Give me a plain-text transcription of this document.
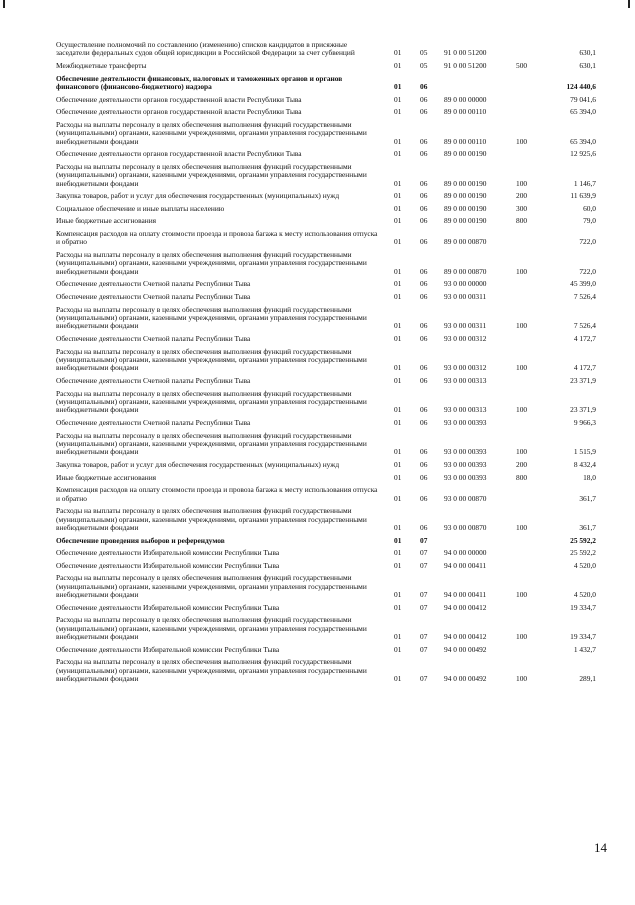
Осуществление полномочий по составлению (изменению) списков кандидатов в присяжные заседатели федеральных судов общей юрисдикции в Российской Федерации за счет субвенций	01	05	91 0 00 51200		630,1
Межбюджетные трансферты	01	05	91 0 00 51200	500	630,1
Обеспечение деятельности финансовых, налоговых и таможенных органов и органов финансового (финансово-бюджетного) надзора	01	06			124 440,6
Обеспечение деятельности органов государственной власти Республики Тыва	01	06	89 0 00 00000		79 041,6
Обеспечение деятельности органов государственной власти Республики Тыва	01	06	89 0 00 00110		65 394,0
Расходы на выплаты персоналу в целях обеспечения выполнения функций государственными (муниципальными) органами, казенными учреждениями, органами управления государственными внебюджетными фондами	01	06	89 0 00 00110	100	65 394,0
Обеспечение деятельности органов государственной власти Республики Тыва	01	06	89 0 00 00190		12 925,6
Расходы на выплаты персоналу в целях обеспечения выполнения функций государственными (муниципальными) органами, казенными учреждениями, органами управления государственными внебюджетными фондами	01	06	89 0 00 00190	100	1 146,7
Закупка товаров, работ и услуг для обеспечения государственных (муниципальных) нужд	01	06	89 0 00 00190	200	11 639,9
Социальное обеспечение и иные выплаты населению	01	06	89 0 00 00190	300	60,0
Иные бюджетные ассигнования	01	06	89 0 00 00190	800	79,0
Компенсация расходов на оплату стоимости проезда и провоза багажа к месту использования отпуска и обратно	01	06	89 0 00 00870		722,0
Расходы на выплаты персоналу в целях обеспечения выполнения функций государственными (муниципальными) органами, казенными учреждениями, органами управления государственными внебюджетными фондами	01	06	89 0 00 00870	100	722,0
Обеспечение деятельности Счетной палаты Республики Тыва	01	06	93 0 00 00000		45 399,0
Обеспечение деятельности Счетной палаты Республики Тыва	01	06	93 0 00 00311		7 526,4
Расходы на выплаты персоналу в целях обеспечения выполнения функций государственными (муниципальными) органами, казенными учреждениями, органами управления государственными внебюджетными фондами	01	06	93 0 00 00311	100	7 526,4
Обеспечение деятельности Счетной палаты Республики Тыва	01	06	93 0 00 00312		4 172,7
Расходы на выплаты персоналу в целях обеспечения выполнения функций государственными (муниципальными) органами, казенными учреждениями, органами управления государственными внебюджетными фондами	01	06	93 0 00 00312	100	4 172,7
Обеспечение деятельности Счетной палаты Республики Тыва	01	06	93 0 00 00313		23 371,9
Расходы на выплаты персоналу в целях обеспечения выполнения функций государственными (муниципальными) органами, казенными учреждениями, органами управления государственными внебюджетными фондами	01	06	93 0 00 00313	100	23 371,9
Обеспечение деятельности Счетной палаты Республики Тыва	01	06	93 0 00 00393		9 966,3
Расходы на выплаты персоналу в целях обеспечения выполнения функций государственными (муниципальными) органами, казенными учреждениями, органами управления государственными внебюджетными фондами	01	06	93 0 00 00393	100	1 515,9
Закупка товаров, работ и услуг для обеспечения государственных (муниципальных) нужд	01	06	93 0 00 00393	200	8 432,4
Иные бюджетные ассигнования	01	06	93 0 00 00393	800	18,0
Компенсация расходов на оплату стоимости проезда и провоза багажа к месту использования отпуска и обратно	01	06	93 0 00 00870		361,7
Расходы на выплаты персоналу в целях обеспечения выполнения функций государственными (муниципальными) органами, казенными учреждениями, органами управления государственными внебюджетными фондами	01	06	93 0 00 00870	100	361,7
Обеспечение проведения выборов и референдумов	01	07			25 592,2
Обеспечение деятельности Избирательной комиссии Республики Тыва	01	07	94 0 00 00000		25 592,2
Обеспечение деятельности Избирательной комиссии Республики Тыва	01	07	94 0 00 00411		4 520,0
Расходы на выплаты персоналу в целях обеспечения выполнения функций государственными (муниципальными) органами, казенными учреждениями, органами управления государственными внебюджетными фондами	01	07	94 0 00 00411	100	4 520,0
Обеспечение деятельности Избирательной комиссии Республики Тыва	01	07	94 0 00 00412		19 334,7
Расходы на выплаты персоналу в целях обеспечения выполнения функций государственными (муниципальными) органами, казенными учреждениями, органами управления государственными внебюджетными фондами	01	07	94 0 00 00412	100	19 334,7
Обеспечение деятельности Избирательной комиссии Республики Тыва	01	07	94 0 00 00492		1 432,7
Расходы на выплаты персоналу в целях обеспечения выполнения функций государственными (муниципальными) органами, казенными учреждениями, органами управления государственными внебюджетными фондами	01	07	94 0 00 00492	100	289,1
14
